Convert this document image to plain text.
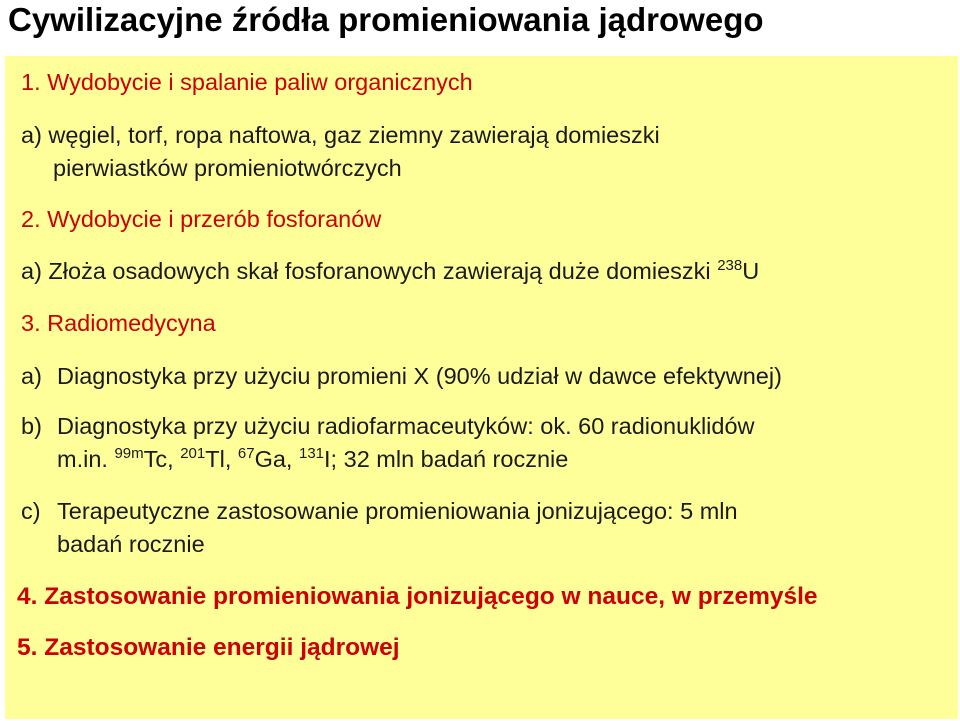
Cywilizacyjne źródła promieniowania jądrowego
1. Wydobycie i spalanie paliw organicznych
a) węgiel, torf, ropa naftowa, gaz ziemny zawierają domieszki
pierwiastków promieniotwórczych
2. Wydobycie i przerób fosforanów
a) Złoża osadowych skał fosforanowych zawierają duże domieszki $^{238}$U
3. Radiomedycyna
a) Diagnostyka przy użyciu promieni X (90% udział w dawce efektywnej)
b) Diagnostyka przy użyciu radiofarmaceutyków: ok. 60 radionuklidów
m.in. $^{99m}$Tc, $^{201}$Tl, $^{67}$Ga, $^{131}$I; 32 mln badań rocznie
c) Terapeutyczne zastosowanie promieniowania jonizującego: 5 mln
badań rocznie
4. Zastosowanie promieniowania jonizującego w nauce, w przemyśle
5. Zastosowanie energii jądrowej
